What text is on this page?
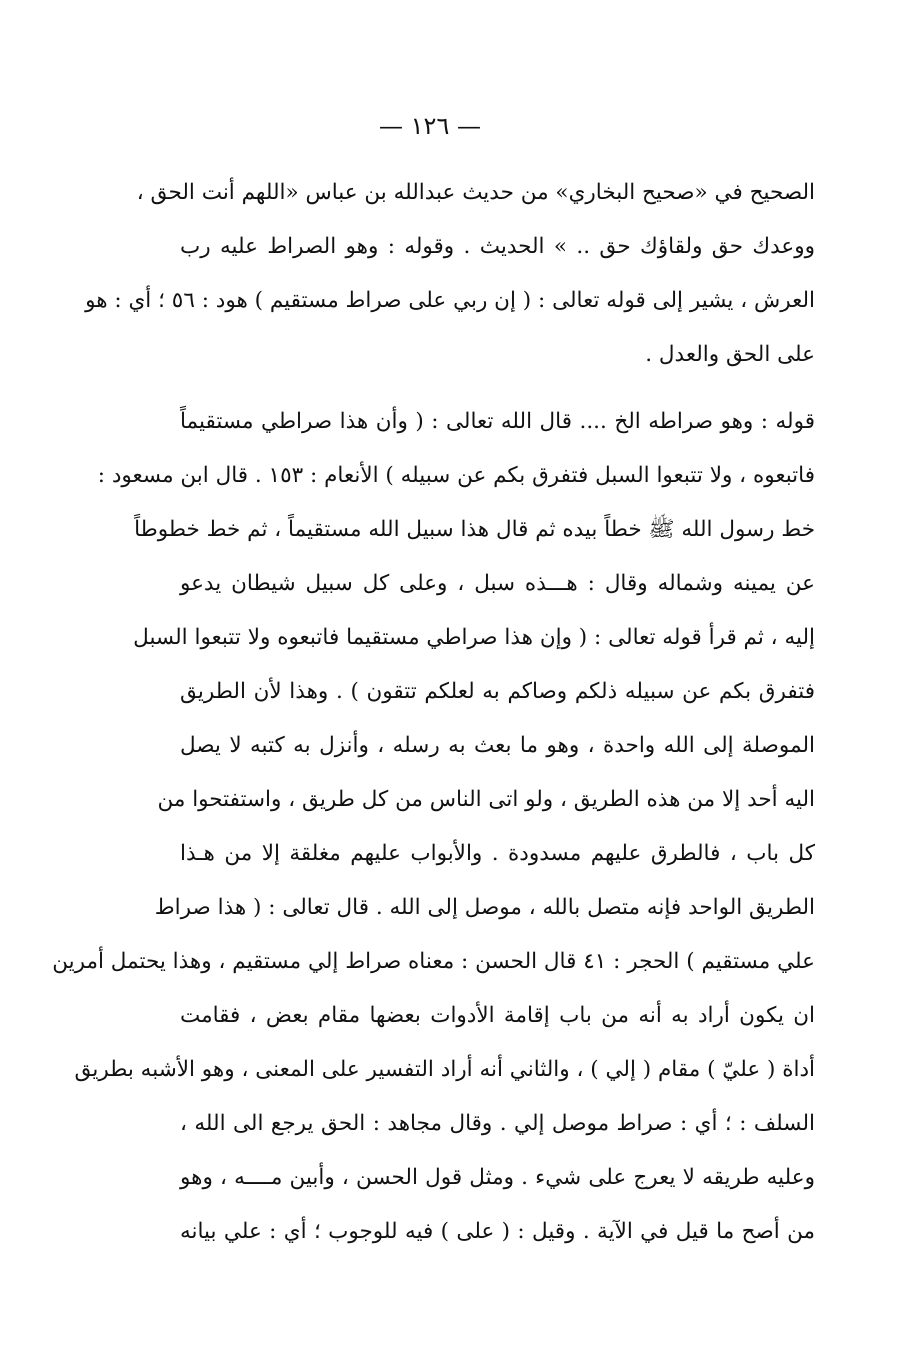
— ١٢٦ —
الصحيح في «صحيح البخاري» من حديث عبدالله بن عباس «اللهم أنت الحق ،
ووعدك حق ولقاؤك حق .. » الحديث . وقوله : وهو الصراط عليه رب
العرش ، يشير إلى قوله تعالى : ( إن ربي على صراط مستقيم ) هود : ٥٦ ؛ أي : هو
على الحق والعدل .
قوله : وهو صراطه الخ .... قال الله تعالى : ( وأن هذا صراطي مستقيماً
فاتبعوه ، ولا تتبعوا السبل فتفرق بكم عن سبيله ) الأنعام : ١٥٣ . قال ابن مسعود :
خط رسول الله ﷺ خطاً بيده ثم قال هذا سبيل الله مستقيماً ، ثم خط خطوطاً
عن يمينه وشماله وقال : هـــذه سبل ، وعلى كل سبيل شيطان يدعو
إليه ، ثم قرأ قوله تعالى : ( وإن هذا صراطي مستقيما فاتبعوه ولا تتبعوا السبل
فتفرق بكم عن سبيله ذلكم وصاكم به لعلكم تتقون ) . وهذا لأن الطريق
الموصلة إلى الله واحدة ، وهو ما بعث به رسله ، وأنزل به كتبه لا يصل
اليه أحد إلا من هذه الطريق ، ولو اتى الناس من كل طريق ، واستفتحوا من
كل باب ، فالطرق عليهم مسدودة . والأبواب عليهم مغلقة إلا من هـذا
الطريق الواحد فإنه متصل بالله ، موصل إلى الله . قال تعالى : ( هذا صراط
علي مستقيم ) الحجر : ٤١ قال الحسن : معناه صراط إلي مستقيم ، وهذا يحتمل أمرين
ان يكون أراد به أنه من باب إقامة الأدوات بعضها مقام بعض ، فقامت
أداة ( عليّ ) مقام ( إلي ) ، والثاني أنه أراد التفسير على المعنى ، وهو الأشبه بطريق
السلف : ؛ أي : صراط موصل إلي . وقال مجاهد : الحق يرجع الى الله ،
وعليه طريقه لا يعرج على شيء . ومثل قول الحسن ، وأبين مــــه ، وهو
من أصح ما قيل في الآية . وقيل : ( على ) فيه للوجوب ؛ أي : علي بيانه
